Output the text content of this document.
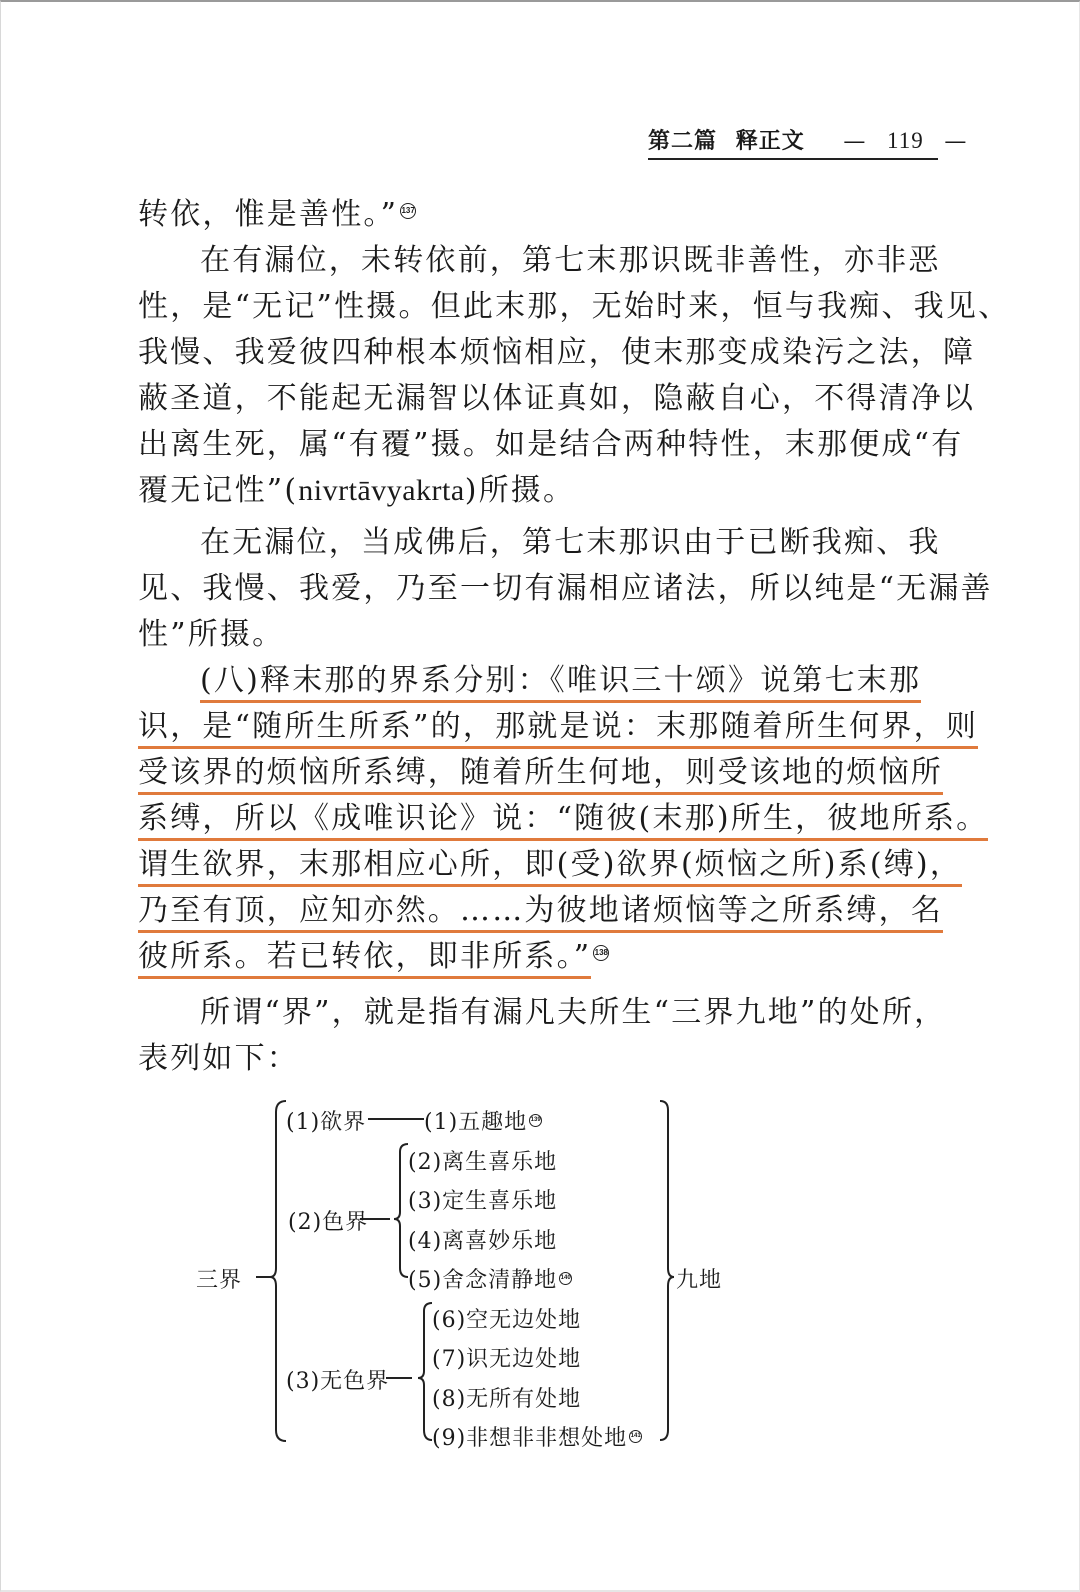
第二篇 释正文 — 119 —
转依，惟是善性。” 137
在有漏位，未转依前，第七末那识既非善性，亦非恶
性，是“无记”性摄。但此末那，无始时来，恒与我痴、我见、
我慢、我爱彼四种根本烦恼相应，使末那变成染污之法，障
蔽圣道，不能起无漏智以体证真如，隐蔽自心，不得清净以
出离生死，属“有覆”摄。如是结合两种特性，末那便成“有
覆无记性”(nivrtāvyakrta)所摄。
在无漏位，当成佛后，第七末那识由于已断我痴、我
见、我慢、我爱，乃至一切有漏相应诸法，所以纯是“无漏善
性”所摄。
(八)释末那的界系分别：《唯识三十颂》说第七末那
识，是“随所生所系”的，那就是说：末那随着所生何界，则
受该界的烦恼所系缚，随着所生何地，则受该地的烦恼所
系缚，所以《成唯识论》说：“随彼(末那)所生，彼地所系。
谓生欲界，末那相应心所，即(受)欲界(烦恼之所)系(缚)，
乃至有顶，应知亦然。……为彼地诸烦恼等之所系缚，名
彼所系。若已转依，即非所系。” 138
所谓“界”，就是指有漏凡夫所生“三界九地”的处所，
表列如下：
三界	九地
(1)欲界
(2)色界
(3)无色界
(1)五趣地 139
(2)离生喜乐地
(3)定生喜乐地
(4)离喜妙乐地
(5)舍念清静地 140
(6)空无边处地
(7)识无边处地
(8)无所有处地
(9)非想非非想处地 141
